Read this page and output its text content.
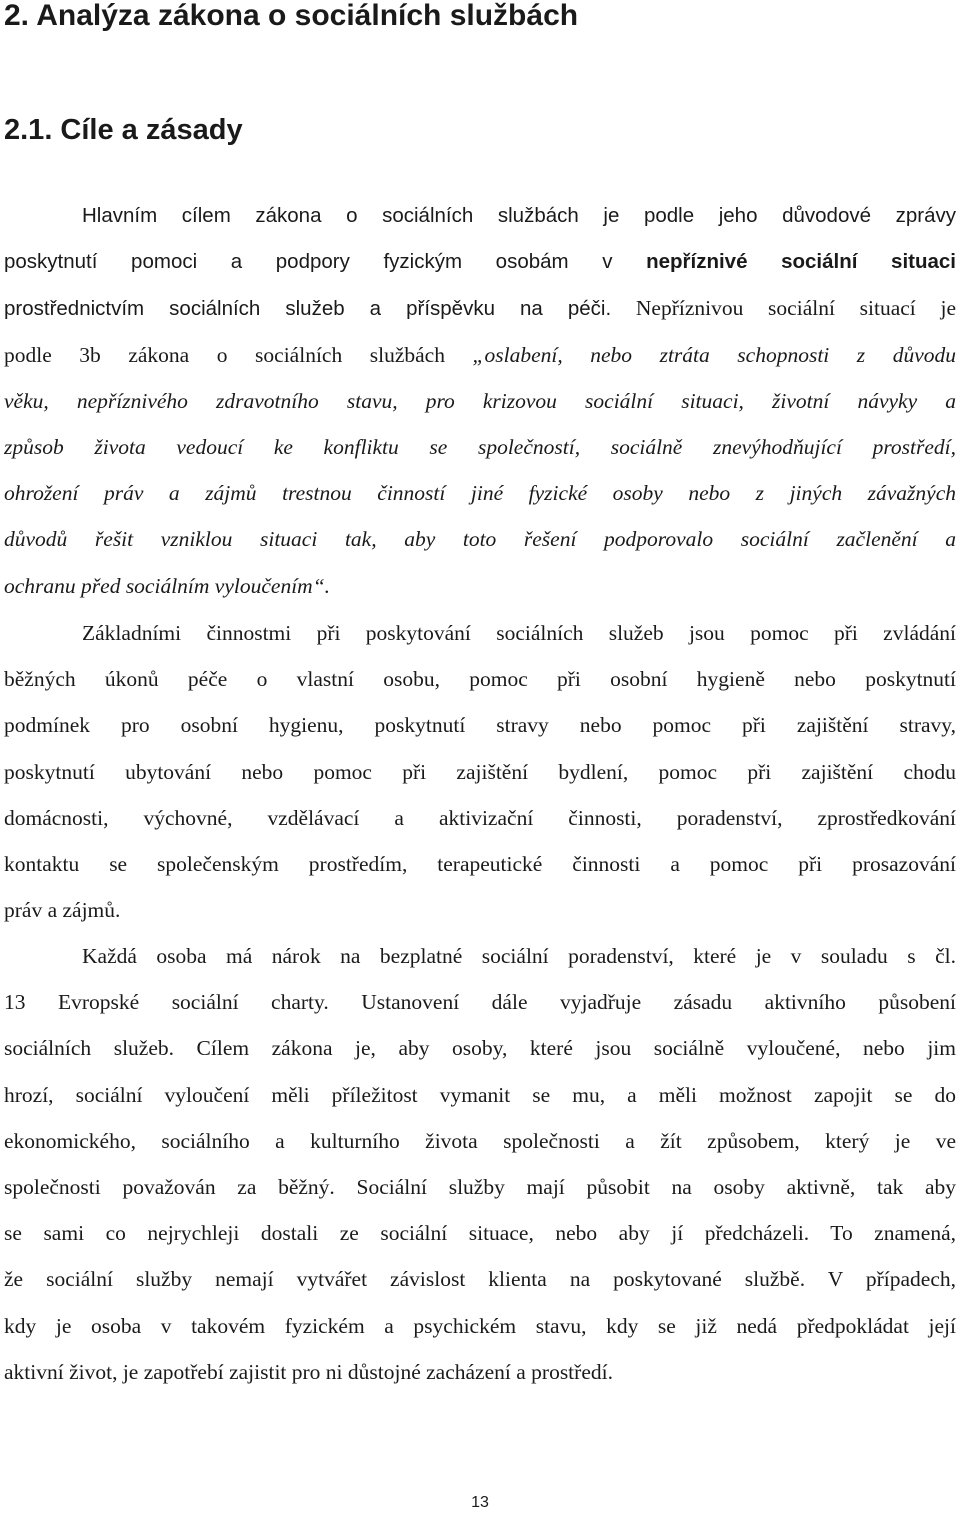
2. Analýza zákona o sociálních službách
2.1. Cíle a zásady
Hlavním cílem zákona o sociálních službách je podle jeho důvodové zprávy
poskytnutí pomoci a podpory fyzickým osobám v nepříznivé sociální situaci
prostřednictvím sociálních služeb a příspěvku na péči. Nepříznivou sociální situací je
podle 3b zákona o sociálních službách „oslabení, nebo ztráta schopnosti z důvodu
věku, nepříznivého zdravotního stavu, pro krizovou sociální situaci, životní návyky a
způsob života vedoucí ke konfliktu se společností, sociálně znevýhodňující prostředí,
ohrožení práv a zájmů trestnou činností jiné fyzické osoby nebo z jiných závažných
důvodů řešit vzniklou situaci tak, aby toto řešení podporovalo sociální začlenění a
ochranu před sociálním vyloučením“.
Základními činnostmi při poskytování sociálních služeb jsou pomoc při zvládání
běžných úkonů péče o vlastní osobu, pomoc při osobní hygieně nebo poskytnutí
podmínek pro osobní hygienu, poskytnutí stravy nebo pomoc při zajištění stravy,
poskytnutí ubytování nebo pomoc při zajištění bydlení, pomoc při zajištění chodu
domácnosti, výchovné, vzdělávací a aktivizační činnosti, poradenství, zprostředkování
kontaktu se společenským prostředím, terapeutické činnosti a pomoc při prosazování
práv a zájmů.
Každá osoba má nárok na bezplatné sociální poradenství, které je v souladu s čl.
13 Evropské sociální charty. Ustanovení dále vyjadřuje zásadu aktivního působení
sociálních služeb. Cílem zákona je, aby osoby, které jsou sociálně vyloučené, nebo jim
hrozí, sociální vyloučení měli příležitost vymanit se mu, a měli možnost zapojit se do
ekonomického, sociálního a kulturního života společnosti a žít způsobem, který je ve
společnosti považován za běžný. Sociální služby mají působit na osoby aktivně, tak aby
se sami co nejrychleji dostali ze sociální situace, nebo aby jí předcházeli. To znamená,
že sociální služby nemají vytvářet závislost klienta na poskytované službě. V případech,
kdy je osoba v takovém fyzickém a psychickém stavu, kdy se již nedá předpokládat její
aktivní život, je zapotřebí zajistit pro ni důstojné zacházení a prostředí.
13
